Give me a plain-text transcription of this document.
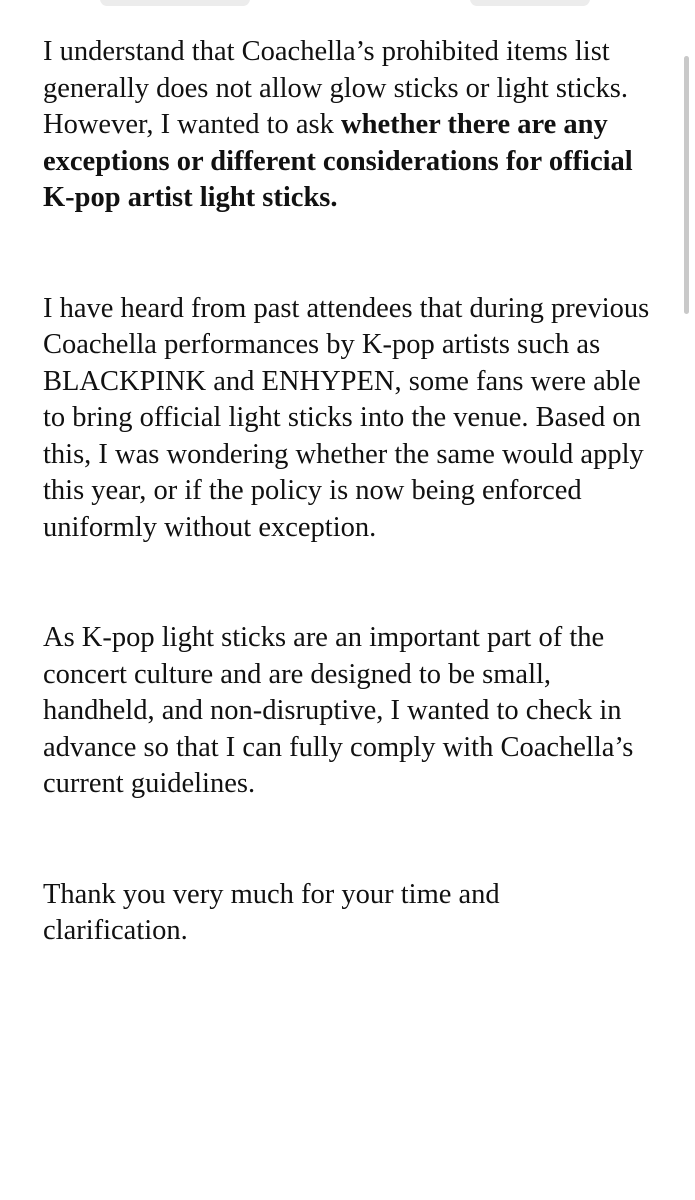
I understand that Coachella’s prohibited items list generally does not allow glow sticks or light sticks. However, I wanted to ask whether there are any exceptions or different considerations for official K-pop artist light sticks.

I have heard from past attendees that during previous Coachella performances by K-pop artists such as BLACKPINK and ENHYPEN, some fans were able to bring official light sticks into the venue. Based on this, I was wondering whether the same would apply this year, or if the policy is now being enforced uniformly without exception.

As K-pop light sticks are an important part of the concert culture and are designed to be small, handheld, and non-disruptive, I wanted to check in advance so that I can fully comply with Coachella’s current guidelines.

Thank you very much for your time and
clarification.
